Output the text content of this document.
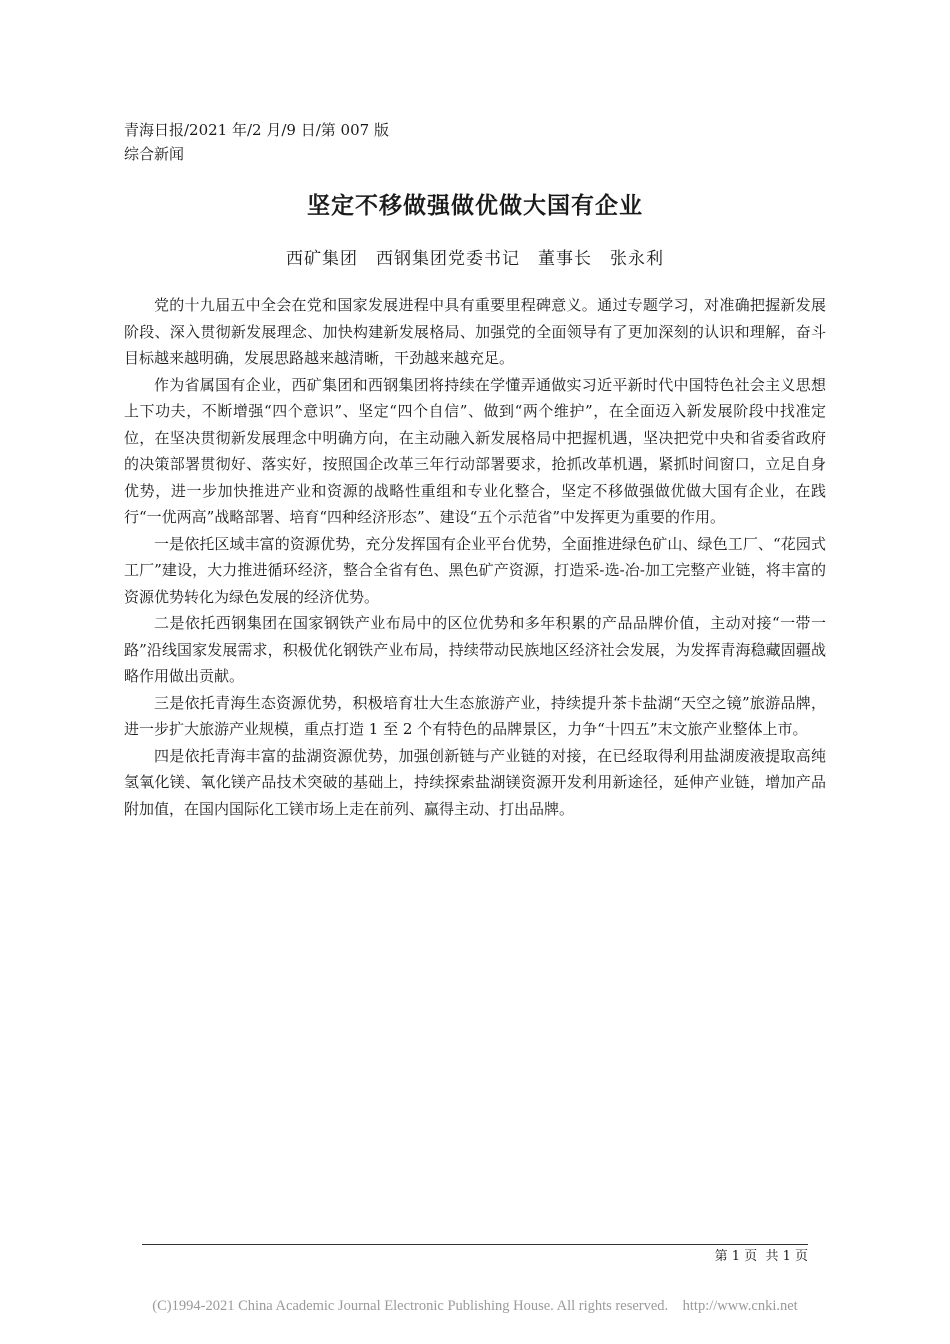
青海日报/2021 年/2 月/9 日/第 007 版
综合新闻
坚定不移做强做优做大国有企业
西矿集团　西钢集团党委书记　董事长　张永利

党的十九届五中全会在党和国家发展进程中具有重要里程碑意义。通过专题学习，对准确把握新发展阶段、深入贯彻新发展理念、加快构建新发展格局、加强党的全面领导有了更加深刻的认识和理解，奋斗目标越来越明确，发展思路越来越清晰，干劲越来越充足。

作为省属国有企业，西矿集团和西钢集团将持续在学懂弄通做实习近平新时代中国特色社会主义思想上下功夫，不断增强“四个意识”、坚定“四个自信”、做到“两个维护”，在全面迈入新发展阶段中找准定位，在坚决贯彻新发展理念中明确方向，在主动融入新发展格局中把握机遇，坚决把党中央和省委省政府的决策部署贯彻好、落实好，按照国企改革三年行动部署要求，抢抓改革机遇，紧抓时间窗口，立足自身优势，进一步加快推进产业和资源的战略性重组和专业化整合，坚定不移做强做优做大国有企业，在践行“一优两高”战略部署、培育“四种经济形态”、建设“五个示范省”中发挥更为重要的作用。

一是依托区域丰富的资源优势，充分发挥国有企业平台优势，全面推进绿色矿山、绿色工厂、“花园式工厂”建设，大力推进循环经济，整合全省有色、黑色矿产资源，打造采-选-冶-加工完整产业链，将丰富的资源优势转化为绿色发展的经济优势。

二是依托西钢集团在国家钢铁产业布局中的区位优势和多年积累的产品品牌价值，主动对接“一带一路”沿线国家发展需求，积极优化钢铁产业布局，持续带动民族地区经济社会发展，为发挥青海稳藏固疆战略作用做出贡献。

三是依托青海生态资源优势，积极培育壮大生态旅游产业，持续提升茶卡盐湖“天空之镜”旅游品牌，进一步扩大旅游产业规模，重点打造 1 至 2 个有特色的品牌景区，力争“十四五”末文旅产业整体上市。

四是依托青海丰富的盐湖资源优势，加强创新链与产业链的对接，在已经取得利用盐湖废液提取高纯氢氧化镁、氧化镁产品技术突破的基础上，持续探索盐湖镁资源开发利用新途径，延伸产业链，增加产品附加值，在国内国际化工镁市场上走在前列、赢得主动、打出品牌。

第 1 页  共 1 页
(C)1994-2021 China Academic Journal Electronic Publishing House. All rights reserved.    http://www.cnki.net
